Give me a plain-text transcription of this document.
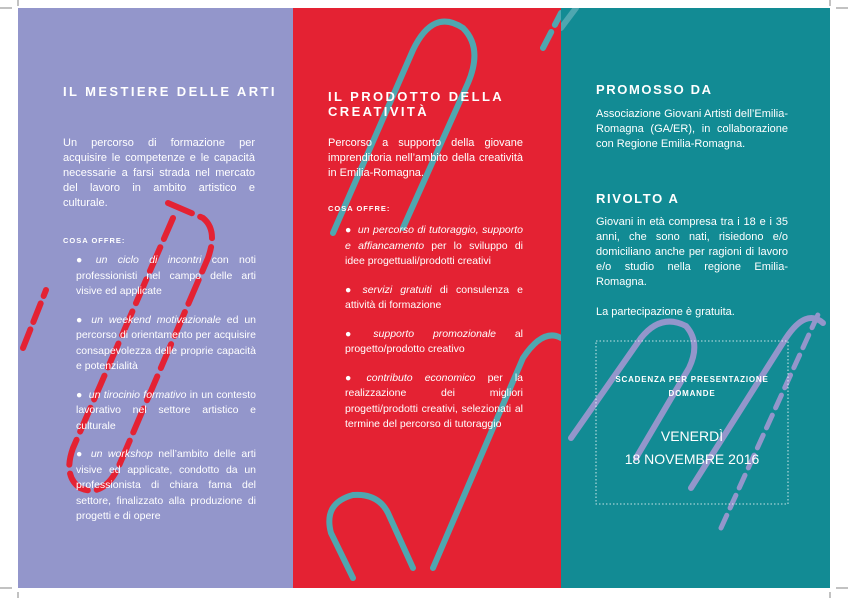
IL MESTIERE DELLE ARTI

Un percorso di formazione per acquisire le competenze e le capacità necessarie a farsi strada nel mercato del lavoro in ambito artistico e culturale.

COSA OFFRE:

● un ciclo di incontri con noti professionisti nel campo delle arti visive ed applicate
● un weekend motivazionale ed un percorso di orientamento per acquisire consapevolezza delle proprie capacità e potenzialità
● un tirocinio formativo in un contesto lavorativo nel settore artistico e culturale
● un workshop nell’ambito delle arti visive ed applicate, condotto da un professionista di chiara fama del settore, finalizzato alla produzione di progetti e di opere
IL PRODOTTO DELLA CREATIVITÀ

Percorso a supporto della giovane imprenditoria nell’ambito della creatività in Emilia-Romagna.

COSA OFFRE:

● un percorso di tutoraggio, supporto e affiancamento per lo sviluppo di idee progettuali/prodotti creativi
● servizi gratuiti di consulenza e attività di formazione
● supporto promozionale al progetto/prodotto creativo
● contributo economico per la realizzazione dei migliori progetti/prodotti creativi, selezionati al termine del percorso di tutoraggio
PROMOSSO DA

Associazione Giovani Artisti dell’Emilia-Romagna (GA/ER), in collaborazione con Regione Emilia-Romagna.

RIVOLTO A

Giovani in età compresa tra i 18 e i 35 anni, che sono nati, risiedono e/o domiciliano anche per ragioni di lavoro e/o studio nella regione Emilia-Romagna.

La partecipazione è gratuita.

SCADENZA PER PRESENTAZIONE DOMANDE

VENERDÌ

18 NOVEMBRE 2016
